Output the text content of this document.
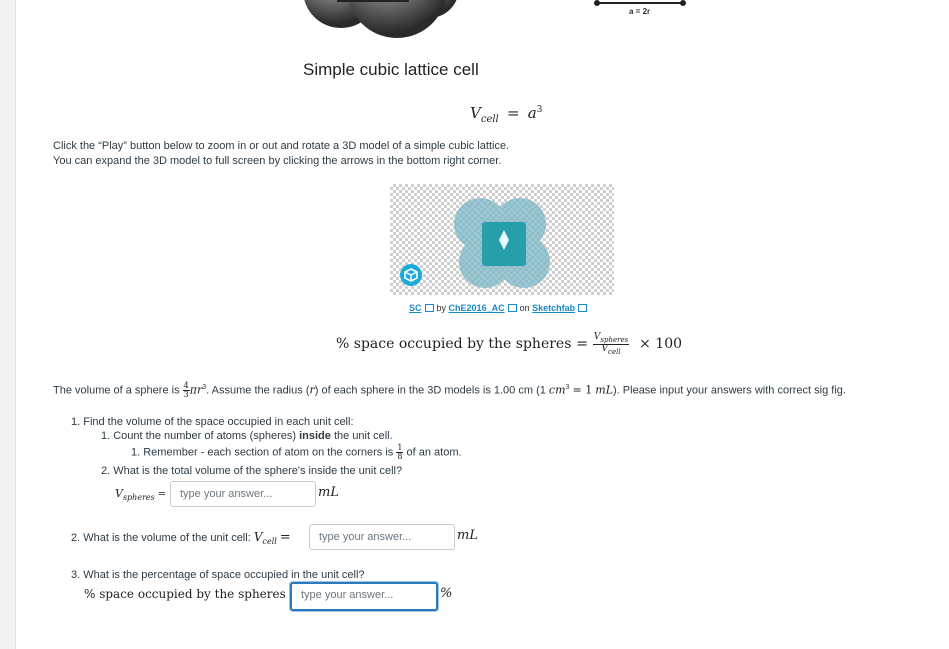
a = 2r
Simple cubic lattice cell
$V_{cell} = a^3$
Click the “Play” button below to zoom in or out and rotate a 3D model of a simple cubic lattice.
You can expand the 3D model to full screen by clicking the arrows in the bottom right corner.
SC by ChE2016_AC on Sketchfab
% space occupied by the spheres = $\frac{V_{spheres}}{V_{cell}} \times 100$
The volume of a sphere is $\frac{4}{3} \pi r^3$. Assume the radius (r) of each sphere in the 3D models is 1.00 cm (1 $cm^3 = 1$ mL). Please input your answers with correct sig fig.
1. Find the volume of the space occupied in each unit cell:
1. Count the number of atoms (spheres) inside the unit cell.
1. Remember - each section of atom on the corners is $\frac{1}{8}$ of an atom.
2. What is the total volume of the sphere's inside the unit cell?
$V_{spheres}$ =	type your answer...	mL
2. What is the volume of the unit cell: $V_{cell}$ =	type your answer...	mL
3. What is the percentage of space occupied in the unit cell?
% space occupied by the spheres	type your answer...	%
